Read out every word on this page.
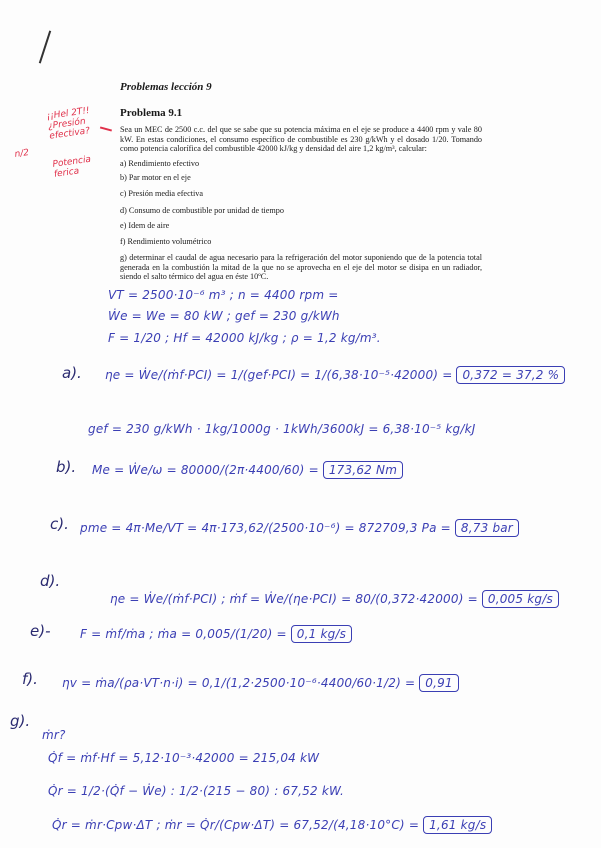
¡¡Hel 2T!! ¿Presión efectiva?
n/2
Potencia ferica
Problemas lección 9
Problema 9.1
Sea un MEC de 2500 c.c. del que se sabe que su potencia máxima en el eje se produce a 4400 rpm y vale 80 kW. En estas condiciones, el consumo específico de combustible es 230 g/kWh y el dosado 1/20. Tomando como potencia calorífica del combustible 42000 kJ/kg y densidad del aire 1,2 kg/m³, calcular:
a) Rendimiento efectivo
b) Par motor en el eje
c) Presión media efectiva
d) Consumo de combustible por unidad de tiempo
e) Idem de aire
f) Rendimiento volumétrico
g) determinar el caudal de agua necesario para la refrigeración del motor suponiendo que de la potencia total generada en la combustión la mitad de la que no se aprovecha en el eje del motor se disipa en un radiador, siendo el salto térmico del agua en éste 10ºC.
VT = 2500·10⁻⁶ m³ ; n = 4400 rpm =
Ẇe = We = 80 kW ; gef = 230 g/kWh
F = 1/20 ; Hf = 42000 kJ/kg ; ρ = 1,2 kg/m³.
a). ηe = Ẇe/(ṁf·PCI) = 1/(gef·PCI) = 1/(6,38·10⁻⁵·42000) = 0,372 = 37,2 %
gef = 230 g/kWh · 1kg/1000g · 1kWh/3600kJ = 6,38·10⁻⁵ kg/kJ
b). Me = Ẇe/ω = 80000/(2π·4400/60) = 173,62 Nm
c). pme = 4π·Me/VT = 4π·173,62/(2500·10⁻⁶) = 872709,3 Pa = 8,73 bar
d).
ηe = Ẇe/(ṁf·PCI) ; ṁf = Ẇe/(ηe·PCI) = 80/(0,372·42000) = 0,005 kg/s
e)- F = ṁf/ṁa ; ṁa = 0,005/(1/20) = 0,1 kg/s
f). ηv = ṁa/(ρa·VT·n·i) = 0,1/(1,2·2500·10⁻⁶·4400/60·1/2) = 0,91
g).
ṁr?
Q̇f = ṁf·Hf = 5,12·10⁻³·42000 = 215,04 kW
Q̇r = 1/2·(Q̇f − Ẇe) : 1/2·(215 − 80) : 67,52 kW.
Q̇r = ṁr·Cpw·ΔT ; ṁr = Q̇r/(Cpw·ΔT) = 67,52/(4,18·10°C) = 1,61 kg/s
